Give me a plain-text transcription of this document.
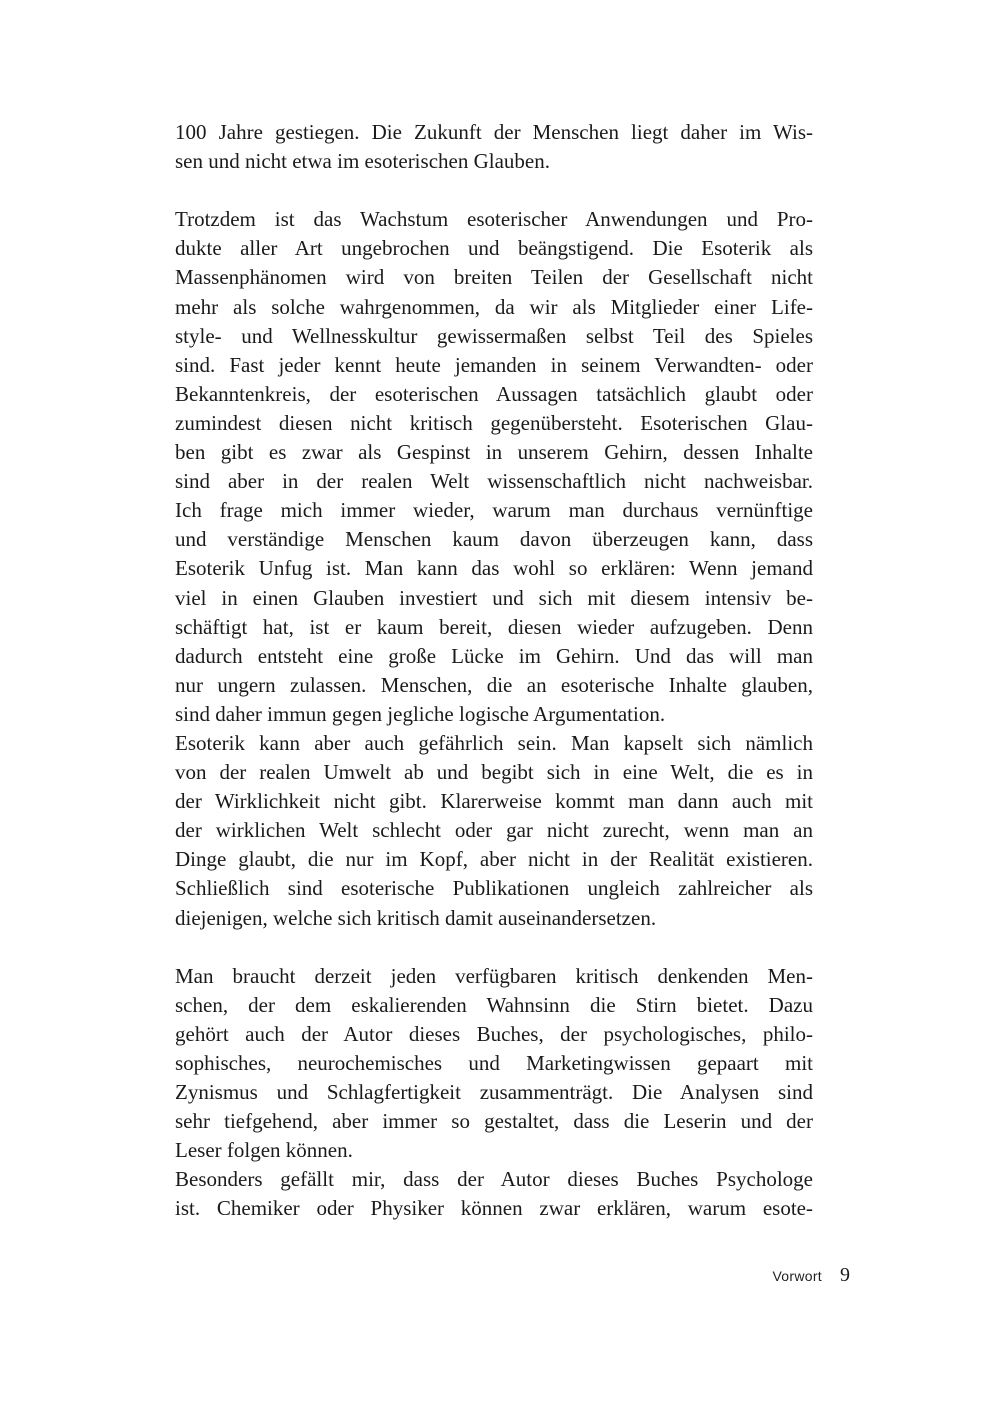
100 Jahre gestiegen. Die Zukunft der Menschen liegt daher im Wis-
sen und nicht etwa im esoterischen Glauben.
Trotzdem ist das Wachstum esoterischer Anwendungen und Pro-
dukte aller Art ungebrochen und beängstigend. Die Esoterik als
Massenphänomen wird von breiten Teilen der Gesellschaft nicht
mehr als solche wahrgenommen, da wir als Mitglieder einer Life-
style- und Wellnesskultur gewissermaßen selbst Teil des Spieles
sind. Fast jeder kennt heute jemanden in seinem Verwandten- oder
Bekanntenkreis, der esoterischen Aussagen tatsächlich glaubt oder
zumindest diesen nicht kritisch gegenübersteht. Esoterischen Glau-
ben gibt es zwar als Gespinst in unserem Gehirn, dessen Inhalte
sind aber in der realen Welt wissenschaftlich nicht nachweisbar.
Ich frage mich immer wieder, warum man durchaus vernünftige
und verständige Menschen kaum davon überzeugen kann, dass
Esoterik Unfug ist. Man kann das wohl so erklären: Wenn jemand
viel in einen Glauben investiert und sich mit diesem intensiv be-
schäftigt hat, ist er kaum bereit, diesen wieder aufzugeben. Denn
dadurch entsteht eine große Lücke im Gehirn. Und das will man
nur ungern zulassen. Menschen, die an esoterische Inhalte glauben,
sind daher immun gegen jegliche logische Argumentation.
Esoterik kann aber auch gefährlich sein. Man kapselt sich nämlich
von der realen Umwelt ab und begibt sich in eine Welt, die es in
der Wirklichkeit nicht gibt. Klarerweise kommt man dann auch mit
der wirklichen Welt schlecht oder gar nicht zurecht, wenn man an
Dinge glaubt, die nur im Kopf, aber nicht in der Realität existieren.
Schließlich sind esoterische Publikationen ungleich zahlreicher als
diejenigen, welche sich kritisch damit auseinandersetzen.
Man braucht derzeit jeden verfügbaren kritisch denkenden Men-
schen, der dem eskalierenden Wahnsinn die Stirn bietet. Dazu
gehört auch der Autor dieses Buches, der psychologisches, philo-
sophisches, neurochemisches und Marketingwissen gepaart mit
Zynismus und Schlagfertigkeit zusammenträgt. Die Analysen sind
sehr tiefgehend, aber immer so gestaltet, dass die Leserin und der
Leser folgen können.
Besonders gefällt mir, dass der Autor dieses Buches Psychologe
ist. Chemiker oder Physiker können zwar erklären, warum esote-
Vorwort 9
